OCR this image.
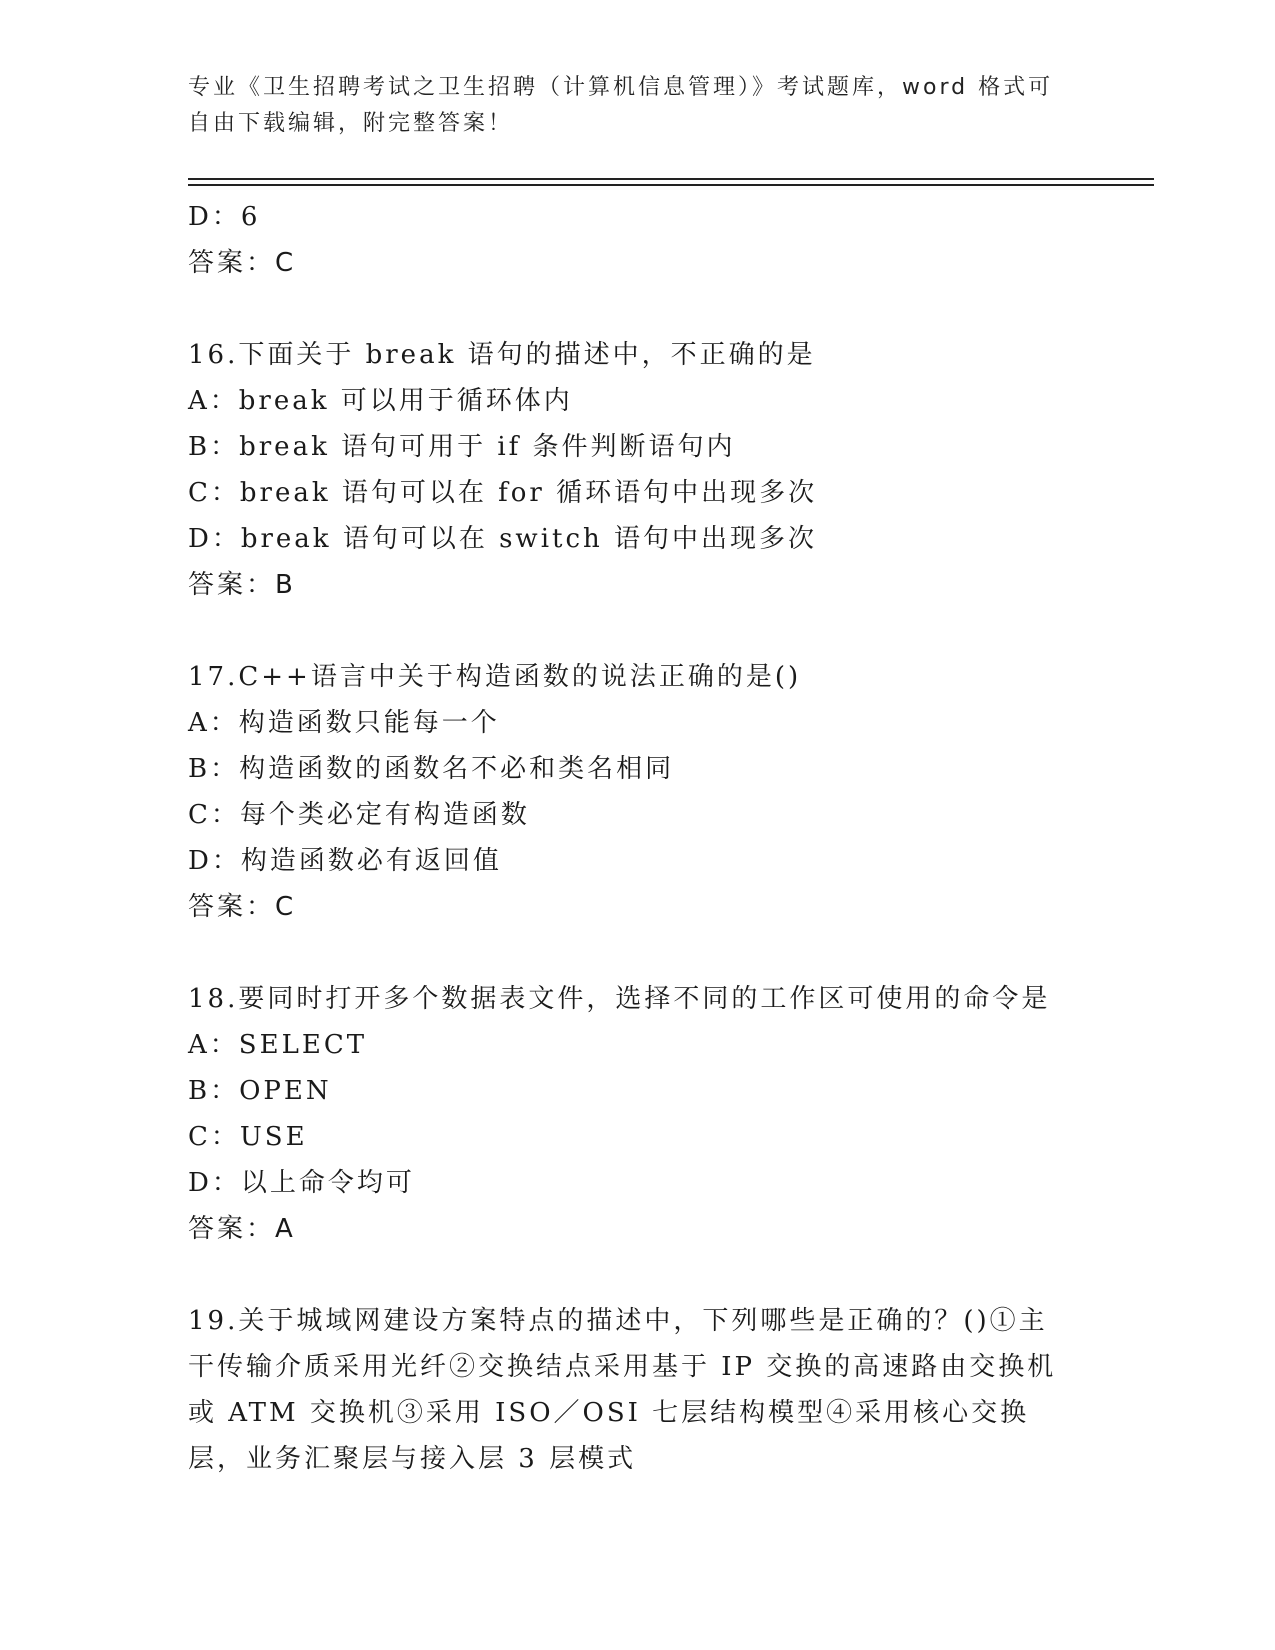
专业《卫生招聘考试之卫生招聘（计算机信息管理）》考试题库，word 格式可自由下载编辑，附完整答案！
D：6
答案：C
16.下面关于 break 语句的描述中，不正确的是
A：break 可以用于循环体内
B：break 语句可用于 if 条件判断语句内
C：break 语句可以在 for 循环语句中出现多次
D：break 语句可以在 switch 语句中出现多次
答案：B
17.C++语言中关于构造函数的说法正确的是()
A：构造函数只能每一个
B：构造函数的函数名不必和类名相同
C：每个类必定有构造函数
D：构造函数必有返回值
答案：C
18.要同时打开多个数据表文件，选择不同的工作区可使用的命令是
A：SELECT
B：OPEN
C：USE
D：以上命令均可
答案：A
19.关于城域网建设方案特点的描述中，下列哪些是正确的？()①主干传输介质采用光纤②交换结点采用基于 IP 交换的高速路由交换机或 ATM 交换机③采用 ISO／OSI 七层结构模型④采用核心交换层，业务汇聚层与接入层 3 层模式
